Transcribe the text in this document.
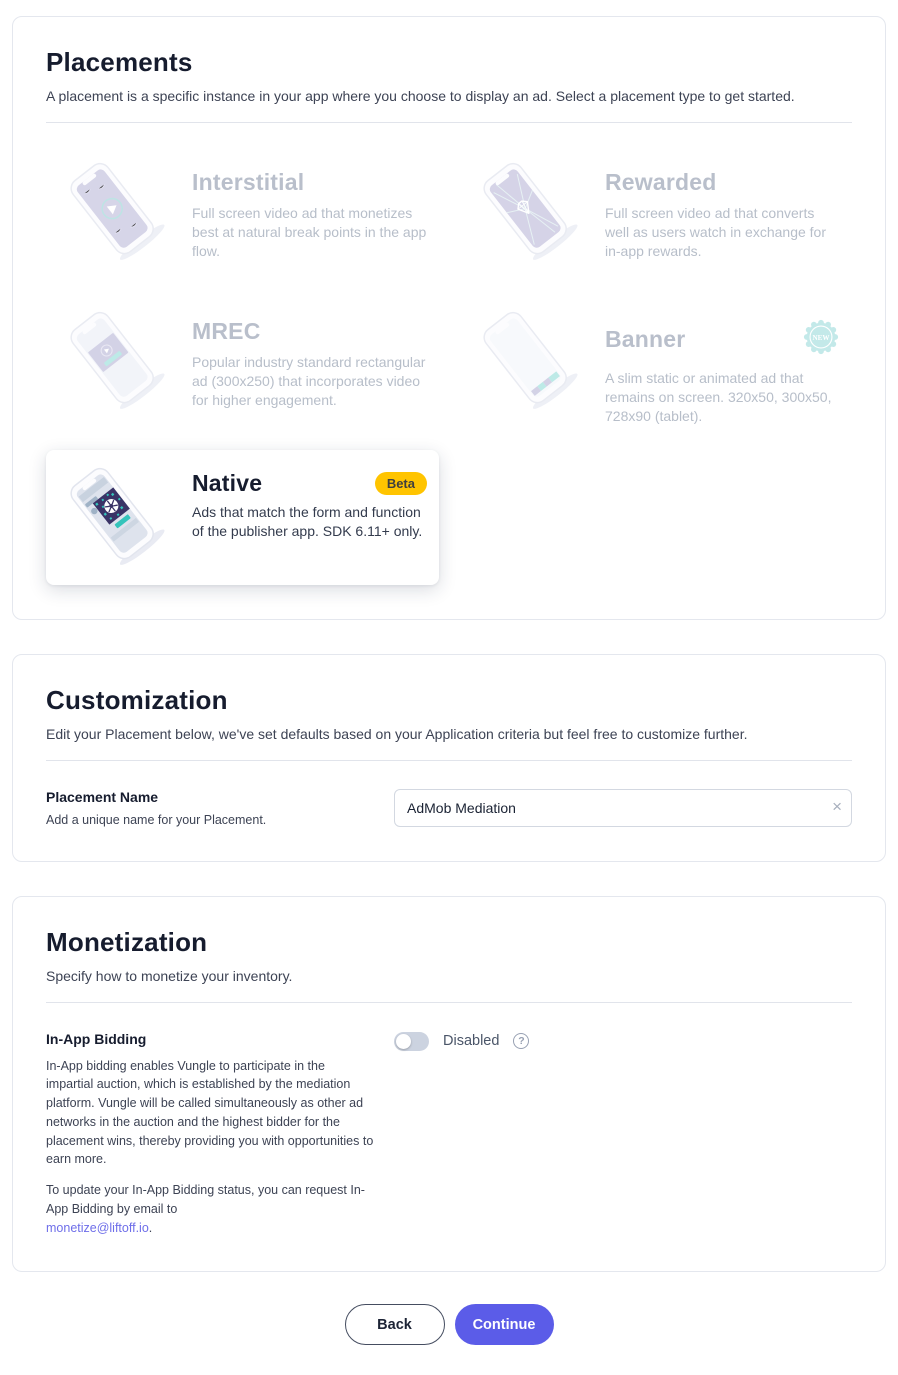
Placements

A placement is a specific instance in your app where you choose to display an ad. Select a placement type to get started.

Interstitial

Full screen video ad that monetizes best at natural break points in the app flow.

Rewarded

Full screen video ad that converts well as users watch in exchange for in-app rewards.

MREC

Popular industry standard rectangular ad (300x250) that incorporates video for higher engagement.

Banner	NEW

A slim static or animated ad that remains on screen. 320x50, 300x50, 728x90 (tablet).

Native	Beta

Ads that match the form and function of the publisher app. SDK 6.11+ only.

Customization

Edit your Placement below, we've set defaults based on your Application criteria but feel free to customize further.

Placement Name
Add a unique name for your Placement.
AdMob Mediation
×
Monetization

Specify how to monetize your inventory.

In-App Bidding

In-App bidding enables Vungle to participate in the impartial auction, which is established by the mediation platform. Vungle will be called simultaneously as other ad networks in the auction and the highest bidder for the placement wins, thereby providing you with opportunities to earn more.

To update your In-App Bidding status, you can request In-App Bidding by email to
monetize@liftoff.io.

Disabled	?
Back	Continue
